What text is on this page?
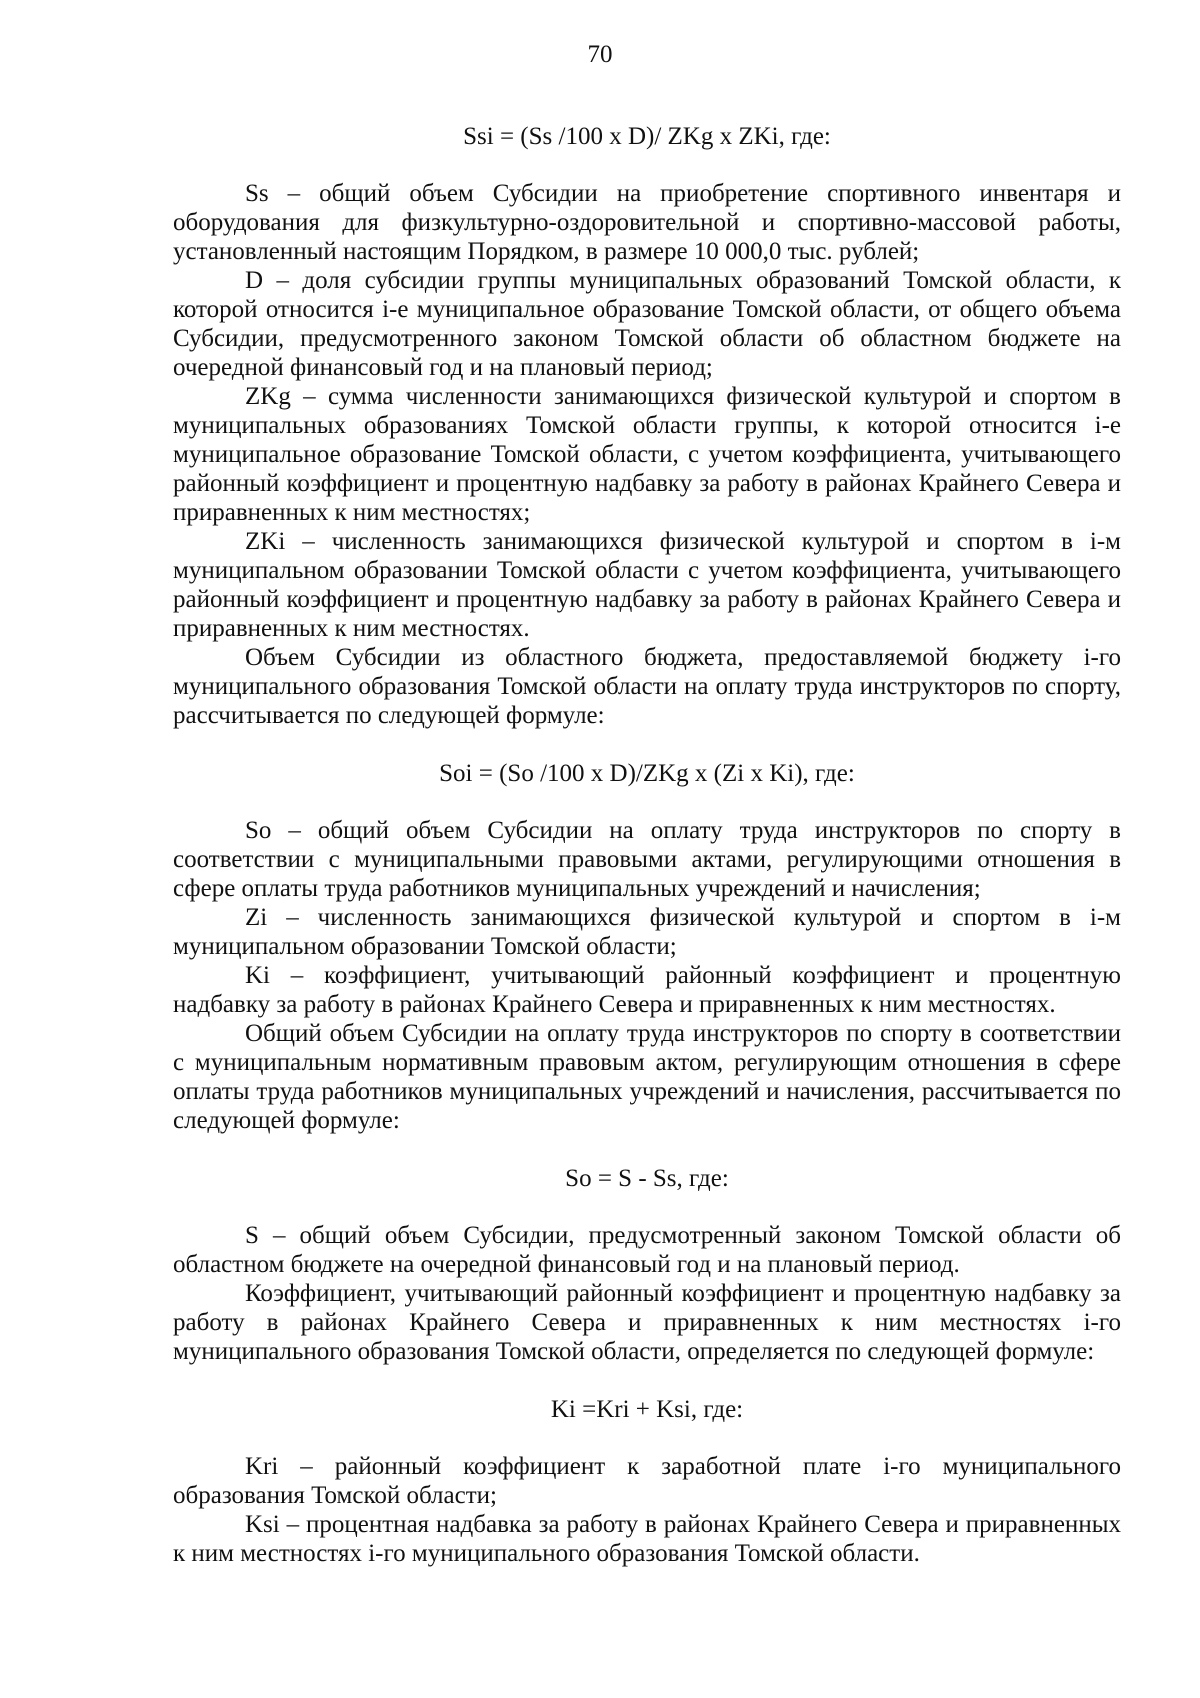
70

Ssi = (Ss /100 x D)/ ZKg x ZKi, где:

Ss – общий объем Субсидии на приобретение спортивного инвентаря и оборудования для физкультурно-оздоровительной и спортивно-массовой работы, установленный настоящим Порядком, в размере 10 000,0 тыс. рублей;

D – доля субсидии группы муниципальных образований Томской области, к которой относится i-е муниципальное образование Томской области, от общего объема Субсидии, предусмотренного законом Томской области об областном бюджете на очередной финансовый год и на плановый период;

ZKg – сумма численности занимающихся физической культурой и спортом в муниципальных образованиях Томской области группы, к которой относится i-е муниципальное образование Томской области, с учетом коэффициента, учитывающего районный коэффициент и процентную надбавку за работу в районах Крайнего Севера и приравненных к ним местностях;

ZKi – численность занимающихся физической культурой и спортом в i-м муниципальном образовании Томской области с учетом коэффициента, учитывающего районный коэффициент и процентную надбавку за работу в районах Крайнего Севера и приравненных к ним местностях.

Объем Субсидии из областного бюджета, предоставляемой бюджету i-го муниципального образования Томской области на оплату труда инструкторов по спорту, рассчитывается по следующей формуле:

Soi = (So /100 x D)/ZKg x (Zi x Ki), где:

So – общий объем Субсидии на оплату труда инструкторов по спорту в соответствии с муниципальными правовыми актами, регулирующими отношения в сфере оплаты труда работников муниципальных учреждений и начисления;

Zi – численность занимающихся физической культурой и спортом в i-м муниципальном образовании Томской области;

Ki – коэффициент, учитывающий районный коэффициент и процентную надбавку за работу в районах Крайнего Севера и приравненных к ним местностях.

Общий объем Субсидии на оплату труда инструкторов по спорту в соответствии с муниципальным нормативным правовым актом, регулирующим отношения в сфере оплаты труда работников муниципальных учреждений и начисления, рассчитывается по следующей формуле:

So = S - Ss, где:

S – общий объем Субсидии, предусмотренный законом Томской области об областном бюджете на очередной финансовый год и на плановый период.

Коэффициент, учитывающий районный коэффициент и процентную надбавку за работу в районах Крайнего Севера и приравненных к ним местностях i-го муниципального образования Томской области, определяется по следующей формуле:

Ki =Kri + Ksi, где:

Kri – районный коэффициент к заработной плате i-го муниципального образования Томской области;

Ksi – процентная надбавка за работу в районах Крайнего Севера и приравненных к ним местностях i-го муниципального образования Томской области.
